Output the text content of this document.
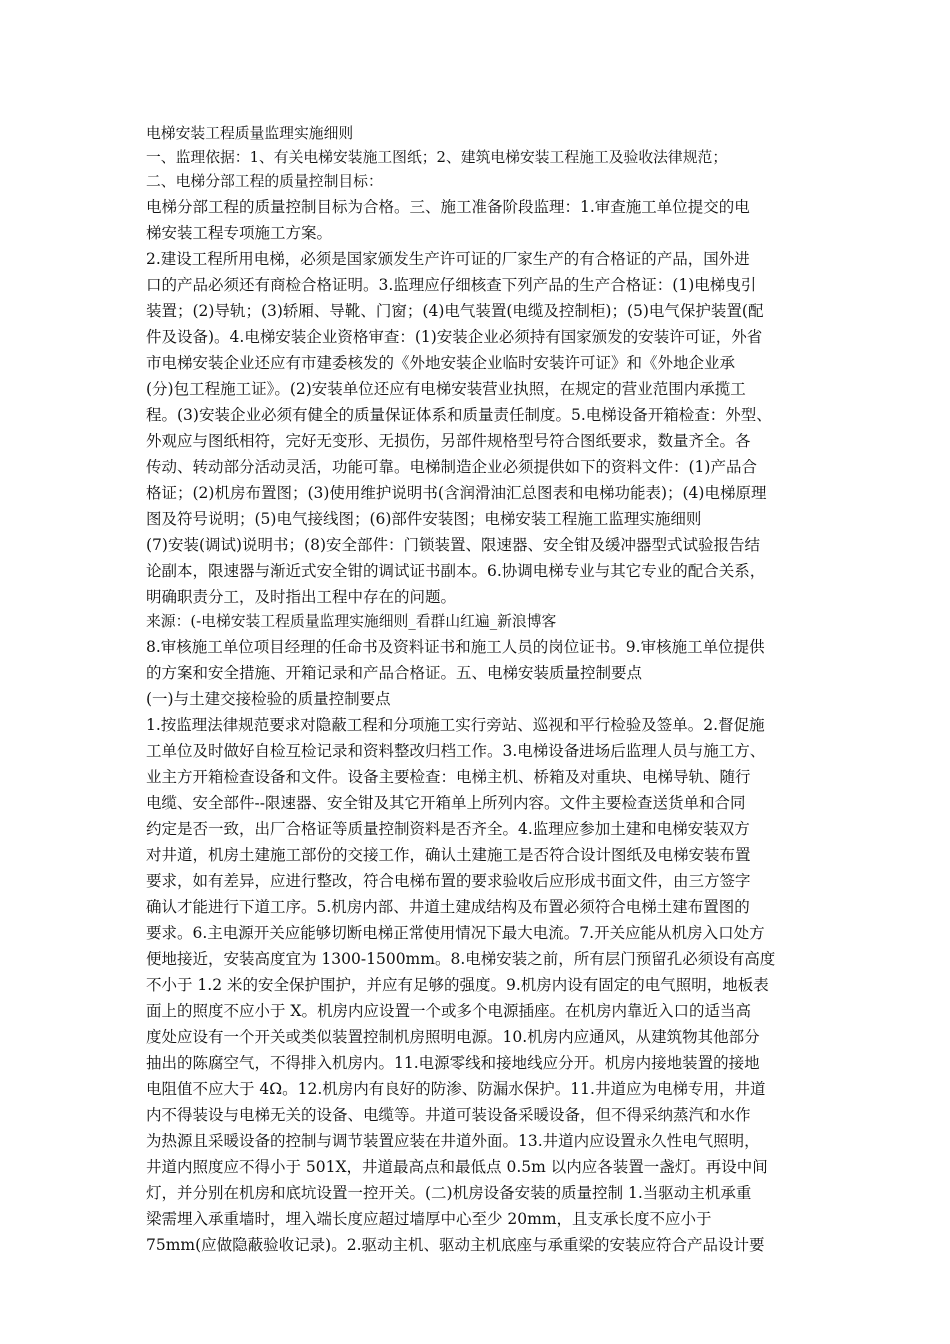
电梯安装工程质量监理实施细则

一、监理依据：1、有关电梯安装施工图纸；2、建筑电梯安装工程施工及验收法律规范；

二、电梯分部工程的质量控制目标：

电梯分部工程的质量控制目标为合格。三、施工准备阶段监理：1.审查施工单位提交的电

梯安装工程专项施工方案。

2.建设工程所用电梯，必须是国家颁发生产许可证的厂家生产的有合格证的产品，国外进

口的产品必须还有商检合格证明。3.监理应仔细核查下列产品的生产合格证：(1)电梯曳引

装置；(2)导轨；(3)轿厢、导靴、门窗；(4)电气装置(电缆及控制柜)；(5)电气保护装置(配

件及设备)。4.电梯安装企业资格审查：(1)安装企业必须持有国家颁发的安装许可证，外省

市电梯安装企业还应有市建委核发的《外地安装企业临时安装许可证》和《外地企业承

(分)包工程施工证》。(2)安装单位还应有电梯安装营业执照，在规定的营业范围内承揽工

程。(3)安装企业必须有健全的质量保证体系和质量责任制度。5.电梯设备开箱检查：外型、

外观应与图纸相符，完好无变形、无损伤，另部件规格型号符合图纸要求，数量齐全。各

传动、转动部分活动灵活，功能可靠。电梯制造企业必须提供如下的资料文件：(1)产品合

格证；(2)机房布置图；(3)使用维护说明书(含润滑油汇总图表和电梯功能表)；(4)电梯原理

图及符号说明；(5)电气接线图；(6)部件安装图；电梯安装工程施工监理实施细则

(7)安装(调试)说明书；(8)安全部件：门锁装置、限速器、安全钳及缓冲器型式试验报告结

论副本，限速器与渐近式安全钳的调试证书副本。6.协调电梯专业与其它专业的配合关系，

明确职责分工，及时指出工程中存在的问题。

来源：(-电梯安装工程质量监理实施细则_看群山红遍_新浪博客

8.审核施工单位项目经理的任命书及资料证书和施工人员的岗位证书。9.审核施工单位提供

的方案和安全措施、开箱记录和产品合格证。五、电梯安装质量控制要点

(一)与土建交接检验的质量控制要点

1.按监理法律规范要求对隐蔽工程和分项施工实行旁站、巡视和平行检验及签单。2.督促施

工单位及时做好自检互检记录和资料整改归档工作。3.电梯设备进场后监理人员与施工方、

业主方开箱检查设备和文件。设备主要检查：电梯主机、桥箱及对重块、电梯导轨、随行

电缆、安全部件--限速器、安全钳及其它开箱单上所列内容。文件主要检查送货单和合同

约定是否一致，出厂合格证等质量控制资料是否齐全。4.监理应参加土建和电梯安装双方

对井道，机房土建施工部份的交接工作，确认土建施工是否符合设计图纸及电梯安装布置

要求，如有差异，应进行整改，符合电梯布置的要求验收后应形成书面文件，由三方签字

确认才能进行下道工序。5.机房内部、井道土建成结构及布置必须符合电梯土建布置图的

要求。6.主电源开关应能够切断电梯正常使用情况下最大电流。7.开关应能从机房入口处方

便地接近，安装高度宜为 1300-1500mm。8.电梯安装之前，所有层门预留孔必须设有高度

不小于 1.2 米的安全保护围护，并应有足够的强度。9.机房内设有固定的电气照明，地板表

面上的照度不应小于 X。机房内应设置一个或多个电源插座。在机房内靠近入口的适当高

度处应设有一个开关或类似装置控制机房照明电源。10.机房内应通风，从建筑物其他部分

抽出的陈腐空气，不得排入机房内。11.电源零线和接地线应分开。机房内接地装置的接地

电阻值不应大于 4Ω。12.机房内有良好的防渗、防漏水保护。11.井道应为电梯专用，井道

内不得装设与电梯无关的设备、电缆等。井道可装设备采暖设备，但不得采纳蒸汽和水作

为热源且采暖设备的控制与调节装置应装在井道外面。13.井道内应设置永久性电气照明，

井道内照度应不得小于 501X，井道最高点和最低点 0.5m 以内应各装置一盏灯。再设中间

灯，并分别在机房和底坑设置一控开关。(二)机房设备安装的质量控制 1.当驱动主机承重

梁需埋入承重墙时，埋入端长度应超过墙厚中心至少 20mm，且支承长度不应小于

75mm(应做隐蔽验收记录)。2.驱动主机、驱动主机底座与承重梁的安装应符合产品设计要
